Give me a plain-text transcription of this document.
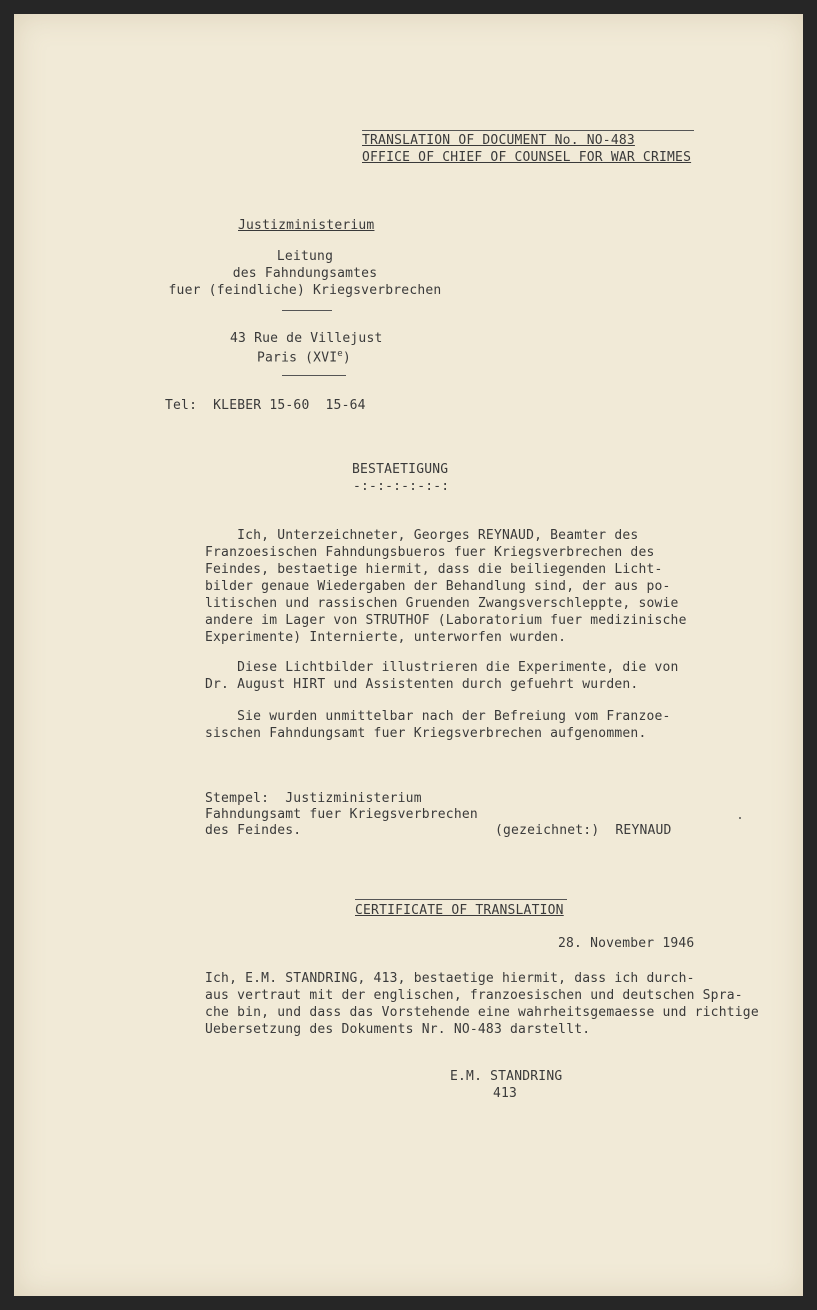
TRANSLATION OF DOCUMENT No. NO-483
OFFICE OF CHIEF OF COUNSEL FOR WAR CRIMES
Justizministerium
Leitung
des Fahndungsamtes
fuer (feindliche) Kriegsverbrechen
43 Rue de Villejust
Paris (XVIe)
Tel:  KLEBER 15-60  15-64
BESTAETIGUNG
-:-:-:-:-:-:
Ich, Unterzeichneter, Georges REYNAUD, Beamter des
Franzoesischen Fahndungsbueros fuer Kriegsverbrechen des
Feindes, bestaetige hiermit, dass die beiliegenden Licht-
bilder genaue Wiedergaben der Behandlung sind, der aus po-
litischen und rassischen Gruenden Zwangsverschleppte, sowie
andere im Lager von STRUTHOF (Laboratorium fuer medizinische
Experimente) Internierte, unterworfen wurden.
Diese Lichtbilder illustrieren die Experimente, die von
Dr. August HIRT und Assistenten durch gefuehrt wurden.
Sie wurden unmittelbar nach der Befreiung vom Franzoe-
sischen Fahndungsamt fuer Kriegsverbrechen aufgenommen.
Stempel:  Justizministerium
Fahndungsamt fuer Kriegsverbrechen
des Feindes.	(gezeichnet:)  REYNAUD
CERTIFICATE OF TRANSLATION
28. November 1946
Ich, E.M. STANDRING, 413, bestaetige hiermit, dass ich durch-
aus vertraut mit der englischen, franzoesischen und deutschen Spra-
che bin, und dass das Vorstehende eine wahrheitsgemaesse und richtige
Uebersetzung des Dokuments Nr. NO-483 darstellt.
E.M. STANDRING
413
